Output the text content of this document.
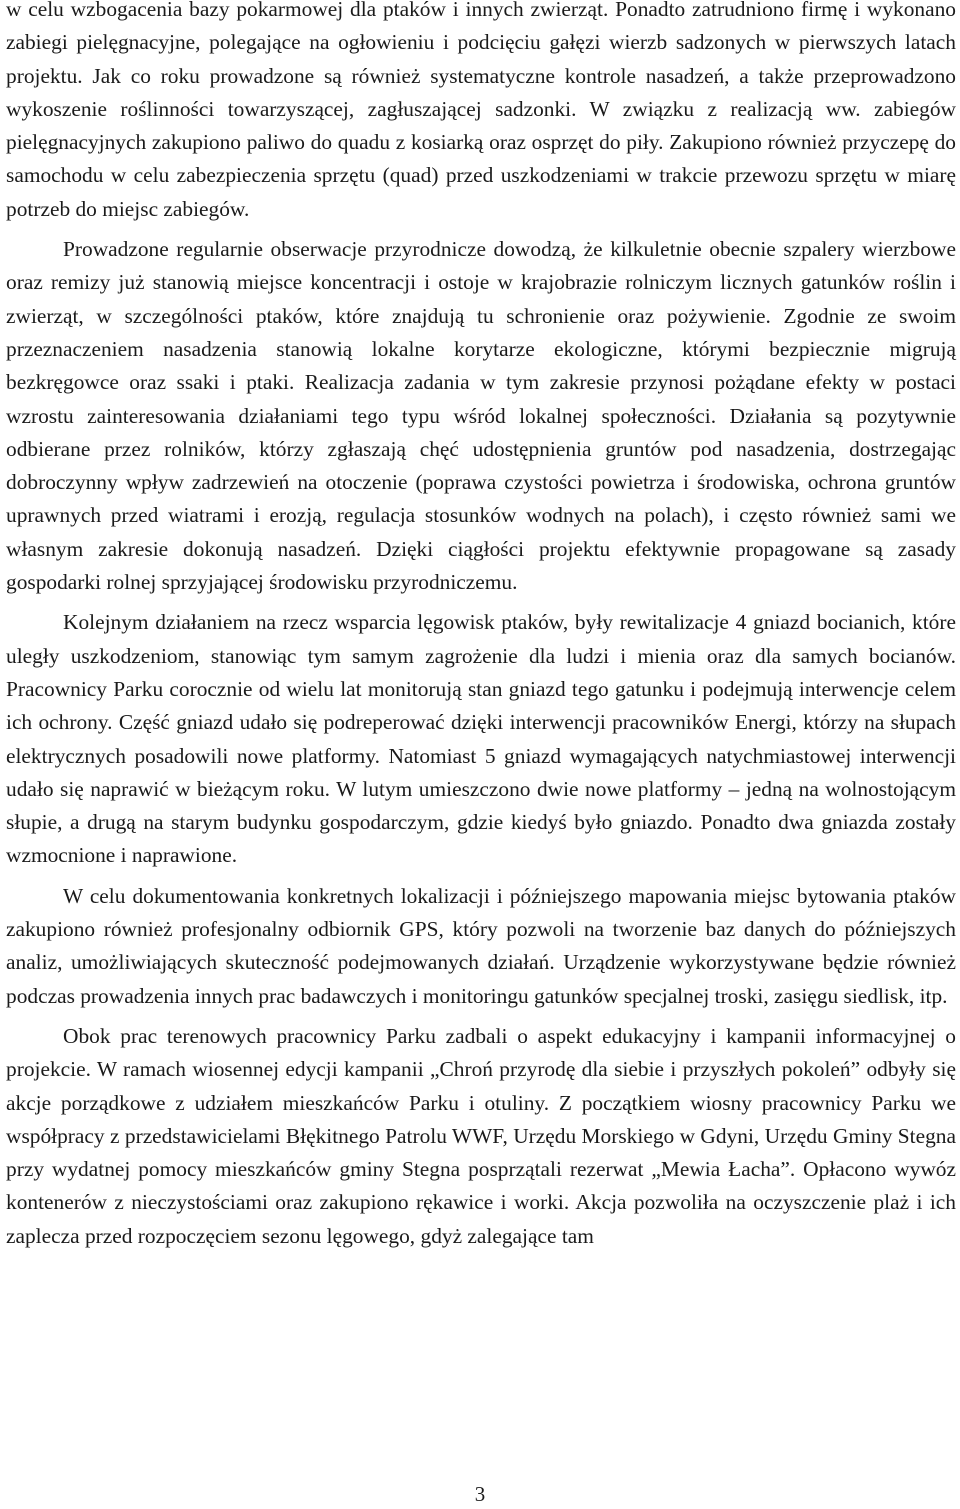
w celu wzbogacenia bazy pokarmowej dla ptaków i innych zwierząt. Ponadto zatrudniono firmę i wykonano zabiegi pielęgnacyjne, polegające na ogłowieniu i podcięciu gałęzi wierzb sadzonych w pierwszych latach projektu. Jak co roku prowadzone są również systematyczne kontrole nasadzeń, a także przeprowadzono wykoszenie roślinności towarzyszącej, zagłuszającej sadzonki. W związku z realizacją ww. zabiegów pielęgnacyjnych zakupiono paliwo do quadu z kosiarką oraz osprzęt do piły. Zakupiono również przyczepę do samochodu w celu zabezpieczenia sprzętu (quad) przed uszkodzeniami w trakcie przewozu sprzętu w miarę potrzeb do miejsc zabiegów.

Prowadzone regularnie obserwacje przyrodnicze dowodzą, że kilkuletnie obecnie szpalery wierzbowe oraz remizy już stanowią miejsce koncentracji i ostoje w krajobrazie rolniczym licznych gatunków roślin i zwierząt, w szczególności ptaków, które znajdują tu schronienie oraz pożywienie. Zgodnie ze swoim przeznaczeniem nasadzenia stanowią lokalne korytarze ekologiczne, którymi bezpiecznie migrują bezkręgowce oraz ssaki i ptaki. Realizacja zadania w tym zakresie przynosi pożądane efekty w postaci wzrostu zainteresowania działaniami tego typu wśród lokalnej społeczności. Działania są pozytywnie odbierane przez rolników, którzy zgłaszają chęć udostępnienia gruntów pod nasadzenia, dostrzegając dobroczynny wpływ zadrzewień na otoczenie (poprawa czystości powietrza i środowiska, ochrona gruntów uprawnych przed wiatrami i erozją, regulacja stosunków wodnych na polach), i często również sami we własnym zakresie dokonują nasadzeń. Dzięki ciągłości projektu efektywnie propagowane są zasady gospodarki rolnej sprzyjającej środowisku przyrodniczemu.

Kolejnym działaniem na rzecz wsparcia lęgowisk ptaków, były rewitalizacje 4 gniazd bocianich, które uległy uszkodzeniom, stanowiąc tym samym zagrożenie dla ludzi i mienia oraz dla samych bocianów. Pracownicy Parku corocznie od wielu lat monitorują stan gniazd tego gatunku i podejmują interwencje celem ich ochrony. Część gniazd udało się podreperować dzięki interwencji pracowników Energi, którzy na słupach elektrycznych posadowili nowe platformy. Natomiast 5 gniazd wymagających natychmiastowej interwencji udało się naprawić w bieżącym roku. W lutym umieszczono dwie nowe platformy – jedną na wolnostojącym słupie, a drugą na starym budynku gospodarczym, gdzie kiedyś było gniazdo. Ponadto dwa gniazda zostały wzmocnione i naprawione.

W celu dokumentowania konkretnych lokalizacji i późniejszego mapowania miejsc bytowania ptaków zakupiono również profesjonalny odbiornik GPS, który pozwoli na tworzenie baz danych do późniejszych analiz, umożliwiających skuteczność podejmowanych działań. Urządzenie wykorzystywane będzie również podczas prowadzenia innych prac badawczych i monitoringu gatunków specjalnej troski, zasięgu siedlisk, itp.

Obok prac terenowych pracownicy Parku zadbali o aspekt edukacyjny i kampanii informacyjnej o projekcie. W ramach wiosennej edycji kampanii „Chroń przyrodę dla siebie i przyszłych pokoleń” odbyły się akcje porządkowe z udziałem mieszkańców Parku i otuliny. Z początkiem wiosny pracownicy Parku we współpracy z przedstawicielami Błękitnego Patrolu WWF, Urzędu Morskiego w Gdyni, Urzędu Gminy Stegna przy wydatnej pomocy mieszkańców gminy Stegna posprzątali rezerwat „Mewia Łacha”. Opłacono wywóz kontenerów z nieczystościami oraz zakupiono rękawice i worki. Akcja pozwoliła na oczyszczenie plaż i ich zaplecza przed rozpoczęciem sezonu lęgowego, gdyż zalegające tam

3
